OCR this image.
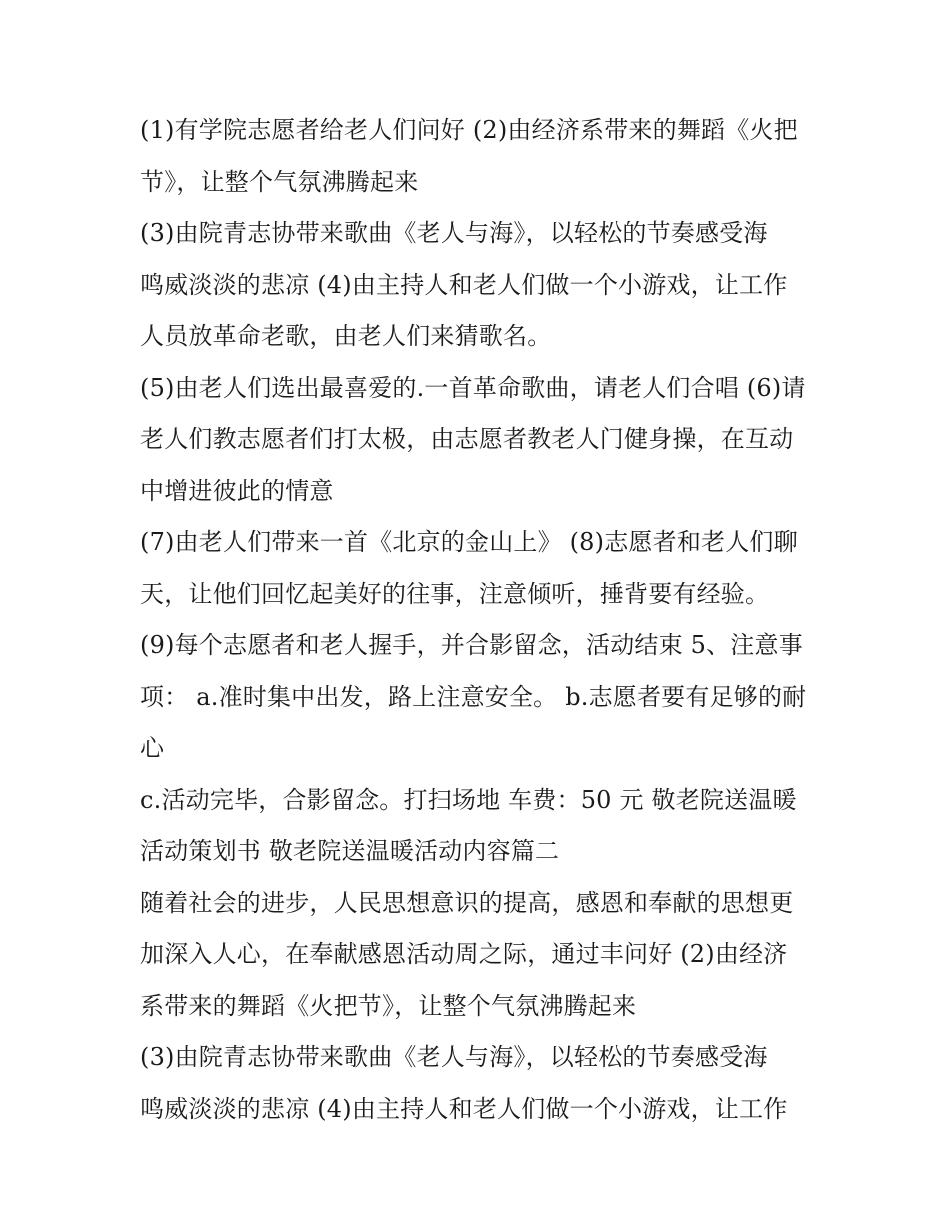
(1)有学院志愿者给老人们问好 (2)由经济系带来的舞蹈《火把
节》，让整个气氛沸腾起来
(3)由院青志协带来歌曲《老人与海》，以轻松的节奏感受海
鸣威淡淡的悲凉 (4)由主持人和老人们做一个小游戏，让工作
人员放革命老歌，由老人们来猜歌名。
(5)由老人们选出最喜爱的.一首革命歌曲，请老人们合唱 (6)请
老人们教志愿者们打太极，由志愿者教老人门健身操，在互动
中增进彼此的情意
(7)由老人们带来一首《北京的金山上》 (8)志愿者和老人们聊
天，让他们回忆起美好的往事，注意倾听，捶背要有经验。
(9)每个志愿者和老人握手，并合影留念，活动结束 5、注意事
项： a.准时集中出发，路上注意安全。 b.志愿者要有足够的耐
心
c.活动完毕，合影留念。打扫场地 车费：50 元 敬老院送温暖
活动策划书 敬老院送温暖活动内容篇二
随着社会的进步，人民思想意识的提高，感恩和奉献的思想更
加深入人心，在奉献感恩活动周之际，通过丰问好 (2)由经济
系带来的舞蹈《火把节》，让整个气氛沸腾起来
(3)由院青志协带来歌曲《老人与海》，以轻松的节奏感受海
鸣威淡淡的悲凉 (4)由主持人和老人们做一个小游戏，让工作
